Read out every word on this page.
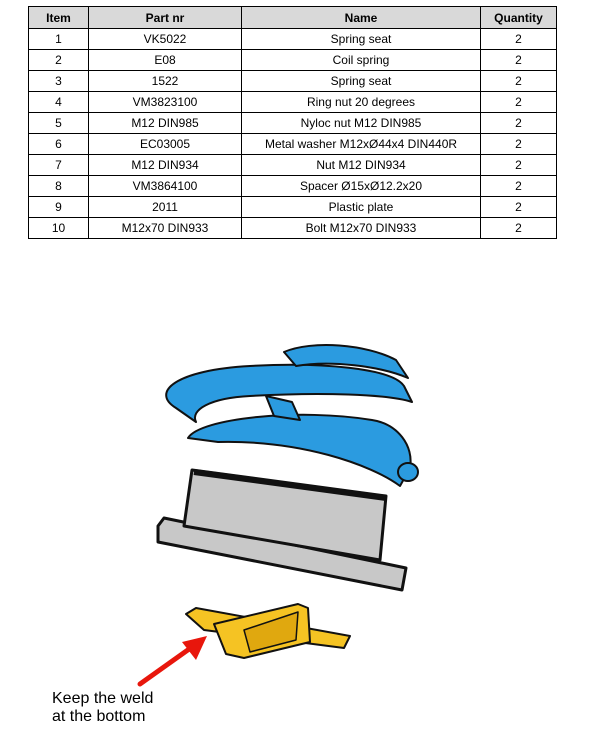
Item	Part nr	Name	Quantity
1	VK5022	Spring seat	2
2	E08	Coil spring	2
3	1522	Spring seat	2
4	VM3823100	Ring nut 20 degrees	2
5	M12 DIN985	Nyloc nut M12 DIN985	2
6	EC03005	Metal washer M12xØ44x4 DIN440R	2
7	M12 DIN934	Nut M12 DIN934	2
8	VM3864100	Spacer Ø15xØ12.2x20	2
9	2011	Plastic plate	2
10	M12x70 DIN933	Bolt M12x70 DIN933	2
Keep the weld
at the bottom
